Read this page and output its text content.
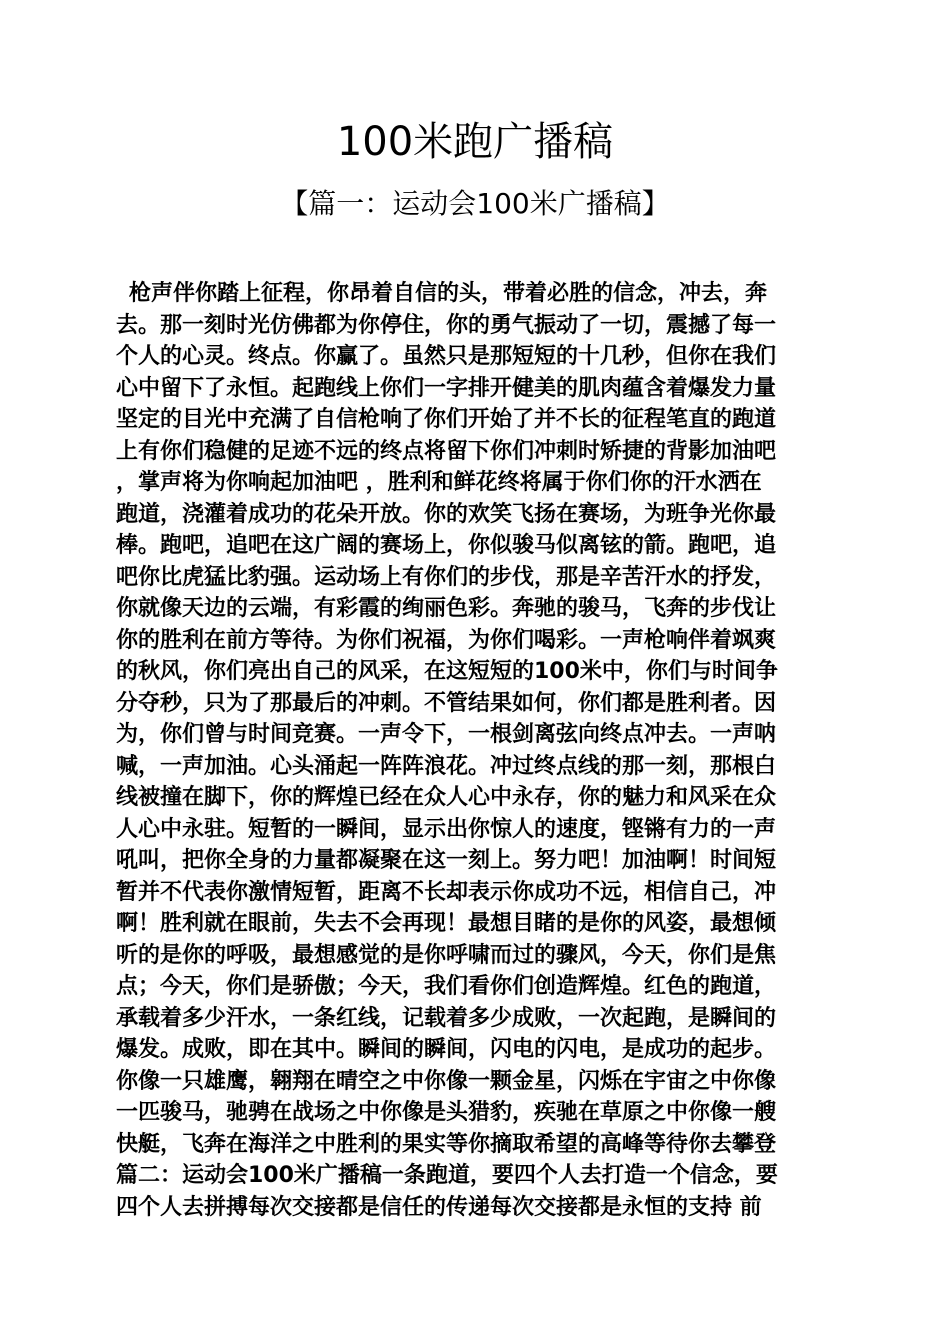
100米跑广播稿
【篇一：运动会100米广播稿】
枪声伴你踏上征程，你昂着自信的头，带着必胜的信念，冲去，奔
去。那一刻时光仿佛都为你停住，你的勇气振动了一切，震撼了每一
个人的心灵。终点。你赢了。虽然只是那短短的十几秒，但你在我们
心中留下了永恒。起跑线上你们一字排开健美的肌肉蕴含着爆发力量
坚定的目光中充满了自信枪响了你们开始了并不长的征程笔直的跑道
上有你们稳健的足迹不远的终点将留下你们冲刺时矫捷的背影加油吧
，掌声将为你响起加油吧 ，胜利和鲜花终将属于你们你的汗水洒在
跑道，浇灌着成功的花朵开放。你的欢笑飞扬在赛场，为班争光你最
棒。跑吧，追吧在这广阔的赛场上，你似骏马似离铉的箭。跑吧，追
吧你比虎猛比豹强。运动场上有你们的步伐，那是辛苦汗水的抒发，
你就像天边的云端，有彩霞的绚丽色彩。奔驰的骏马，飞奔的步伐让
你的胜利在前方等待。为你们祝福，为你们喝彩。一声枪响伴着飒爽
的秋风，你们亮出自己的风采，在这短短的100米中，你们与时间争
分夺秒，只为了那最后的冲刺。不管结果如何，你们都是胜利者。因
为，你们曾与时间竞赛。一声令下，一根剑离弦向终点冲去。一声呐
喊，一声加油。心头涌起一阵阵浪花。冲过终点线的那一刻，那根白
线被撞在脚下，你的辉煌已经在众人心中永存，你的魅力和风采在众
人心中永驻。短暂的一瞬间，显示出你惊人的速度，铿锵有力的一声
吼叫，把你全身的力量都凝聚在这一刻上。努力吧！加油啊！时间短
暂并不代表你激情短暂，距离不长却表示你成功不远，相信自己，冲
啊！胜利就在眼前，失去不会再现！最想目睹的是你的风姿，最想倾
听的是你的呼吸，最想感觉的是你呼啸而过的骤风，今天，你们是焦
点；今天，你们是骄傲；今天，我们看你们创造辉煌。红色的跑道，
承载着多少汗水，一条红线，记载着多少成败，一次起跑，是瞬间的
爆发。成败，即在其中。瞬间的瞬间，闪电的闪电，是成功的起步。
你像一只雄鹰，翱翔在晴空之中你像一颗金星，闪烁在宇宙之中你像
一匹骏马，驰骋在战场之中你像是头猎豹，疾驰在草原之中你像一艘
快艇，飞奔在海洋之中胜利的果实等你摘取希望的高峰等待你去攀登
篇二：运动会100米广播稿一条跑道，要四个人去打造一个信念，要
四个人去拼搏每次交接都是信任的传递每次交接都是永恒的支持 前
